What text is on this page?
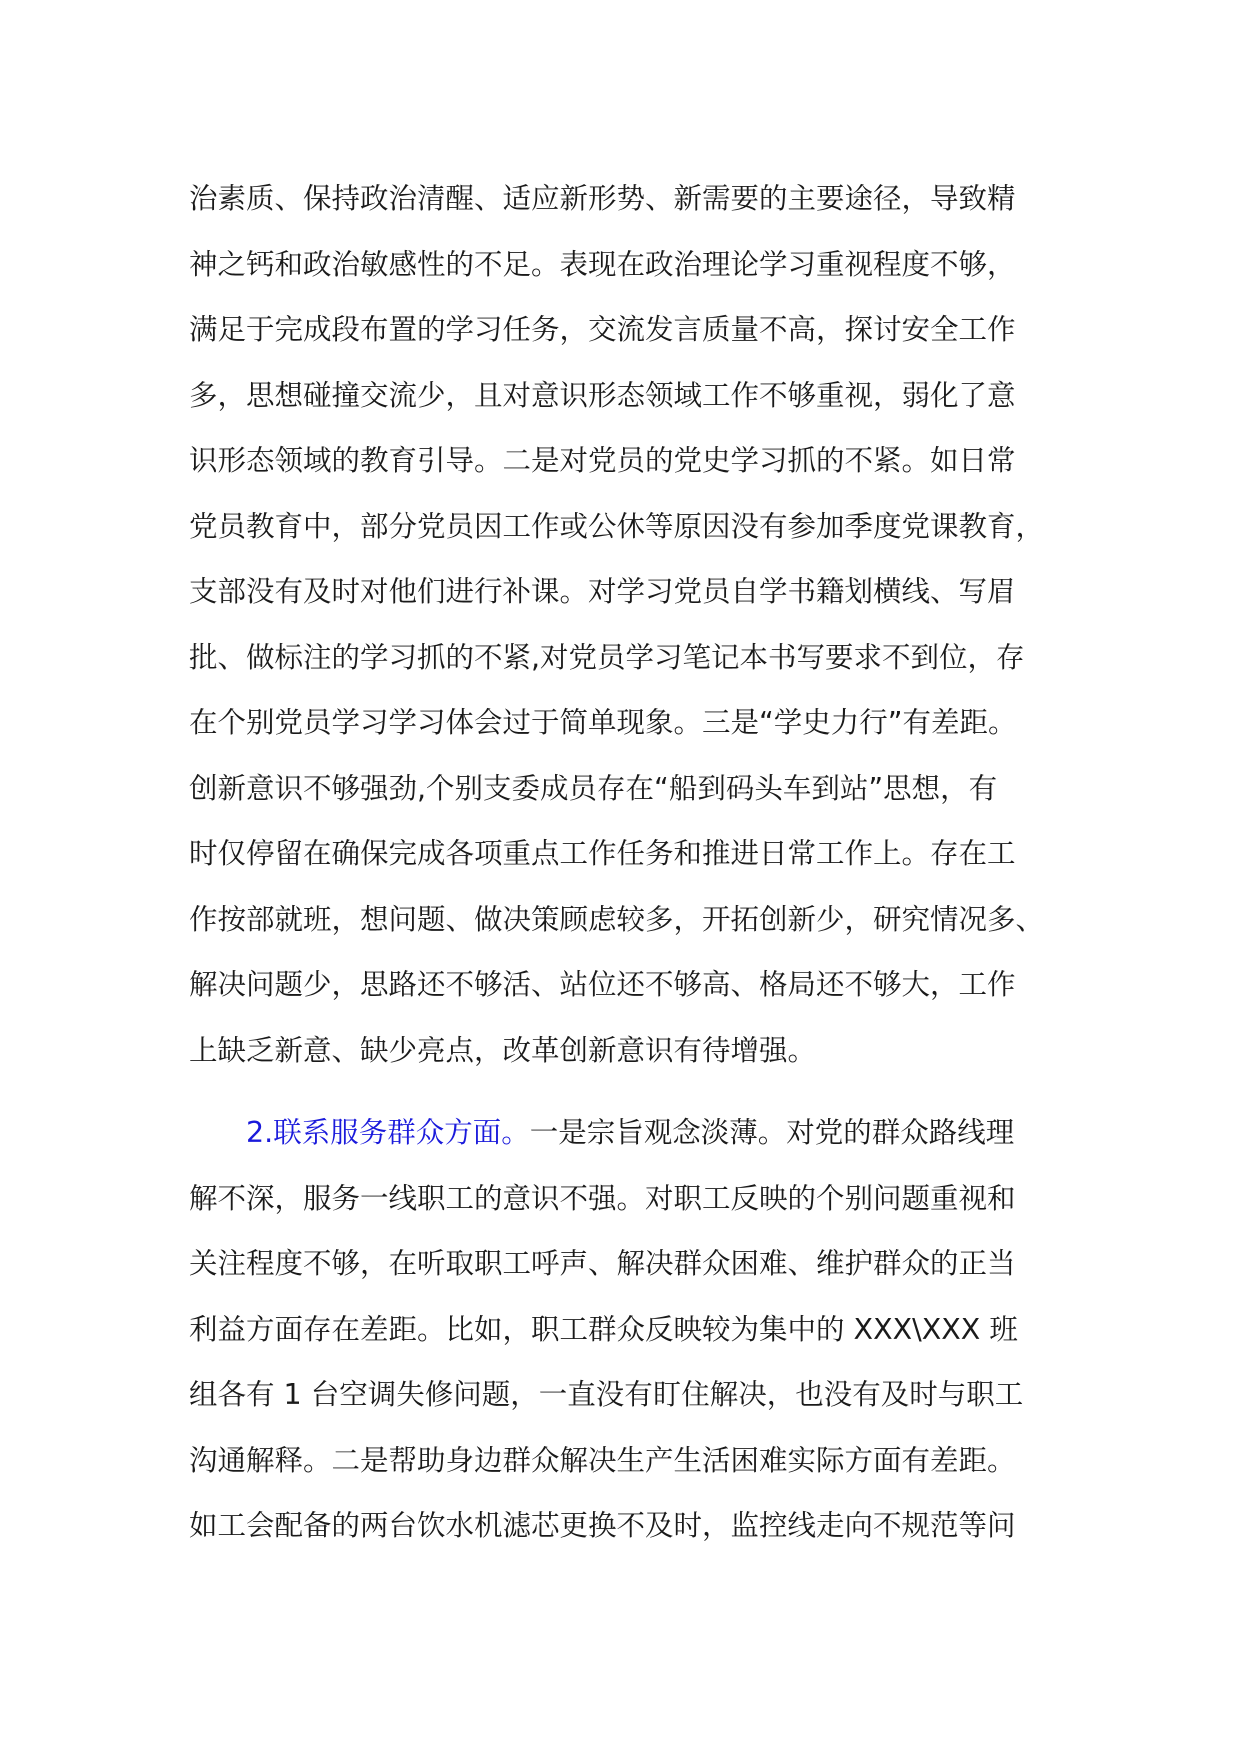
治素质、保持政治清醒、适应新形势、新需要的主要途径，导致精
神之钙和政治敏感性的不足。表现在政治理论学习重视程度不够，
满足于完成段布置的学习任务，交流发言质量不高，探讨安全工作
多，思想碰撞交流少，且对意识形态领域工作不够重视，弱化了意
识形态领域的教育引导。二是对党员的党史学习抓的不紧。如日常
党员教育中，部分党员因工作或公休等原因没有参加季度党课教育，
支部没有及时对他们进行补课。对学习党员自学书籍划横线、写眉
批、做标注的学习抓的不紧,对党员学习笔记本书写要求不到位，存
在个别党员学习学习体会过于简单现象。三是“学史力行”有差距。
创新意识不够强劲,个别支委成员存在“船到码头车到站”思想，有
时仅停留在确保完成各项重点工作任务和推进日常工作上。存在工
作按部就班，想问题、做决策顾虑较多，开拓创新少，研究情况多、
解决问题少，思路还不够活、站位还不够高、格局还不够大，工作
上缺乏新意、缺少亮点，改革创新意识有待增强。
2.联系服务群众方面。一是宗旨观念淡薄。对党的群众路线理
解不深，服务一线职工的意识不强。对职工反映的个别问题重视和
关注程度不够，在听取职工呼声、解决群众困难、维护群众的正当
利益方面存在差距。比如，职工群众反映较为集中的 XXX\XXX 班
组各有 1 台空调失修问题，一直没有盯住解决，也没有及时与职工
沟通解释。二是帮助身边群众解决生产生活困难实际方面有差距。
如工会配备的两台饮水机滤芯更换不及时，监控线走向不规范等问
